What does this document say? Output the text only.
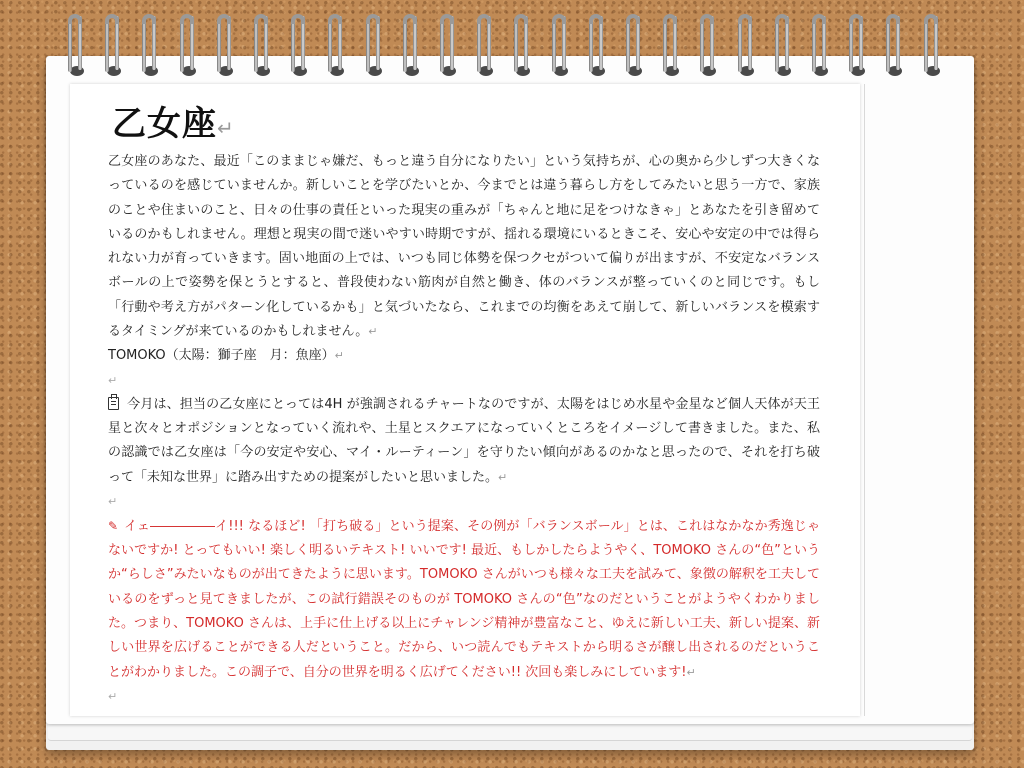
乙女座↵

乙女座のあなた、最近「このままじゃ嫌だ、もっと違う自分になりたい」という気持ちが、心の奥から少しずつ大きくなっているのを感じていませんか。新しいことを学びたいとか、今までとは違う暮らし方をしてみたいと思う一方で、家族のことや住まいのこと、日々の仕事の責任といった現実の重みが「ちゃんと地に足をつけなきゃ」とあなたを引き留めているのかもしれません。理想と現実の間で迷いやすい時期ですが、揺れる環境にいるときこそ、安心や安定の中では得られない力が育っていきます。固い地面の上では、いつも同じ体勢を保つクセがついて偏りが出ますが、不安定なバランスボールの上で姿勢を保とうとすると、普段使わない筋肉が自然と働き、体のバランスが整っていくのと同じです。もし「行動や考え方がパターン化しているかも」と気づいたなら、これまでの均衡をあえて崩して、新しいバランスを模索するタイミングが来ているのかもしれません。↵

TOMOKO（太陽：獅子座　月：魚座）↵

↵

今月は、担当の乙女座にとっては4H が強調されるチャートなのですが、太陽をはじめ水星や金星など個人天体が天王星と次々とオポジションとなっていく流れや、土星とスクエアになっていくところをイメージして書きました。また、私の認識では乙女座は「今の安定や安心、マイ・ルーティーン」を守りたい傾向があるのかなと思ったので、それを打ち破って「未知な世界」に踏み出すための提案がしたいと思いました。↵

↵

✎ イェ―――――イ!!! なるほど! 「打ち破る」という提案、その例が「バランスボール」とは、これはなかなか秀逸じゃないですか! とってもいい! 楽しく明るいテキスト! いいです! 最近、もしかしたらようやく、TOMOKO さんの“色”というか“らしさ”みたいなものが出てきたように思います。TOMOKO さんがいつも様々な工夫を試みて、象徴の解釈を工夫しているのをずっと見てきましたが、この試行錯誤そのものが TOMOKO さんの“色”なのだということがようやくわかりました。つまり、TOMOKO さんは、上手に仕上げる以上にチャレンジ精神が豊富なこと、ゆえに新しい工夫、新しい提案、新しい世界を広げることができる人だということ。だから、いつ読んでもテキストから明るさが醸し出されるのだということがわかりました。この調子で、自分の世界を明るく広げてください!! 次回も楽しみにしています!↵

↵
